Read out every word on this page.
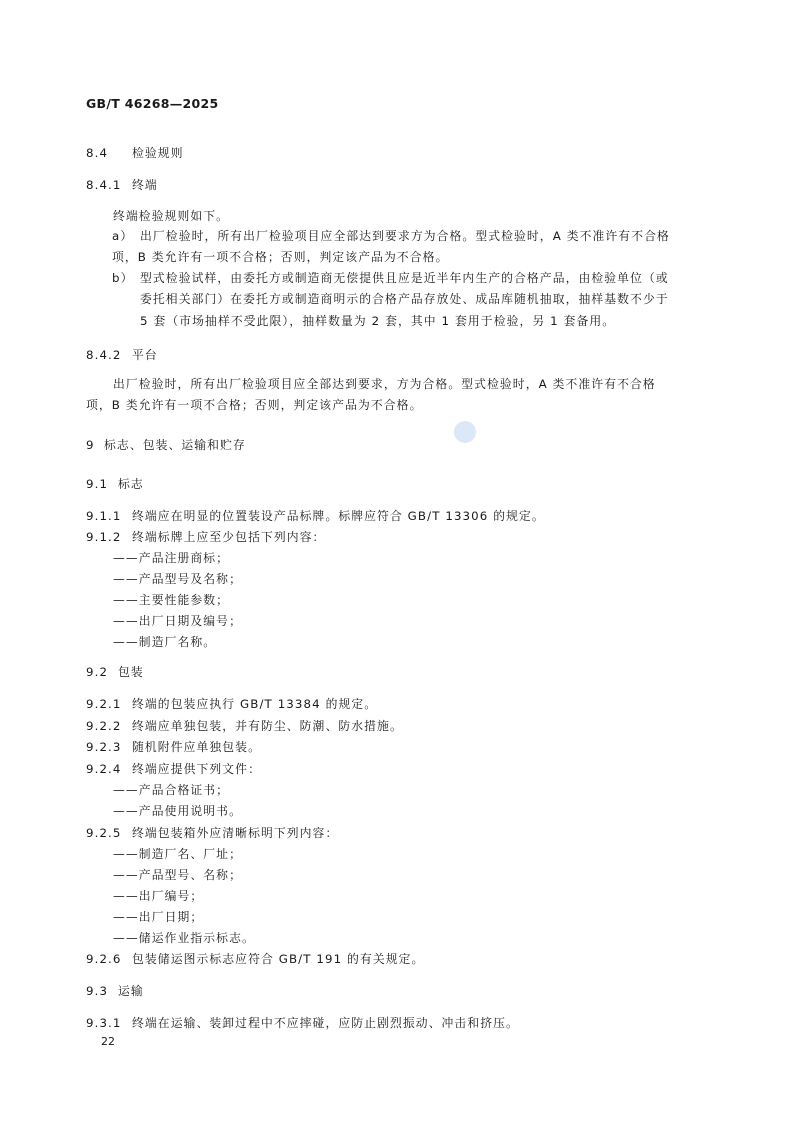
GB/T 46268—2025
8.4 检验规则
8.4.1 终端
终端检验规则如下。
a） 出厂检验时，所有出厂检验项目应全部达到要求方为合格。型式检验时，A 类不准许有不合格
项，B 类允许有一项不合格；否则，判定该产品为不合格。
b） 型式检验试样，由委托方或制造商无偿提供且应是近半年内生产的合格产品，由检验单位（或
委托相关部门）在委托方或制造商明示的合格产品存放处、成品库随机抽取，抽样基数不少于
5 套（市场抽样不受此限），抽样数量为 2 套，其中 1 套用于检验，另 1 套备用。
8.4.2 平台
出厂检验时，所有出厂检验项目应全部达到要求，方为合格。型式检验时，A 类不准许有不合格
项，B 类允许有一项不合格；否则，判定该产品为不合格。
9 标志、包装、运输和贮存
9.1 标志
9.1.1 终端应在明显的位置装设产品标牌。标牌应符合 GB/T 13306 的规定。
9.1.2 终端标牌上应至少包括下列内容：
——产品注册商标；
——产品型号及名称；
——主要性能参数；
——出厂日期及编号；
——制造厂名称。
9.2 包装
9.2.1 终端的包装应执行 GB/T 13384 的规定。
9.2.2 终端应单独包装，并有防尘、防潮、防水措施。
9.2.3 随机附件应单独包装。
9.2.4 终端应提供下列文件：
——产品合格证书；
——产品使用说明书。
9.2.5 终端包装箱外应清晰标明下列内容：
——制造厂名、厂址；
——产品型号、名称；
——出厂编号；
——出厂日期；
——储运作业指示标志。
9.2.6 包装储运图示标志应符合 GB/T 191 的有关规定。
9.3 运输
9.3.1 终端在运输、装卸过程中不应摔碰，应防止剧烈振动、冲击和挤压。
22
